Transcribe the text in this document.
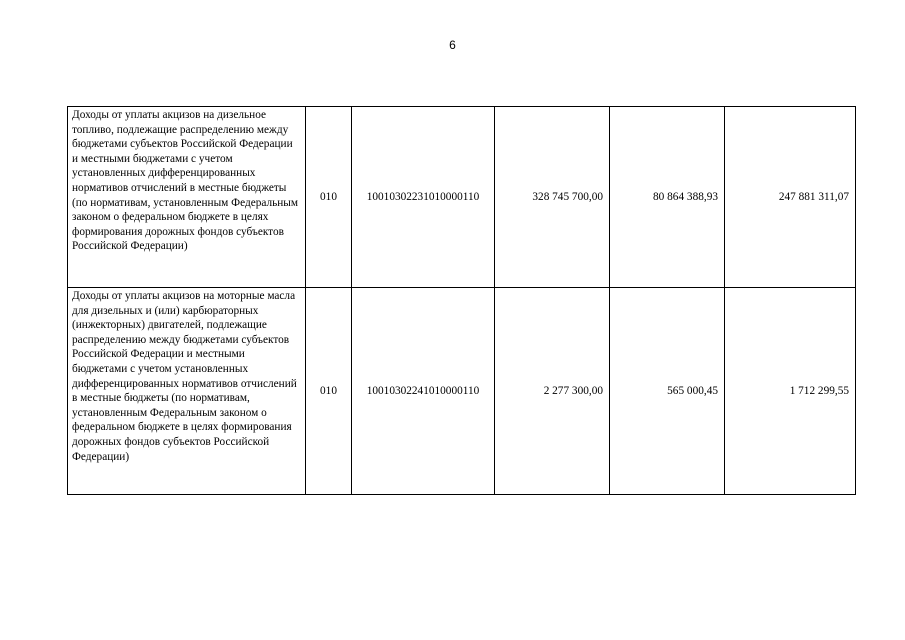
6
Доходы от уплаты акцизов на дизельное топливо, подлежащие распределению между бюджетами субъектов Российской Федерации и местными бюджетами с учетом установленных дифференцированных нормативов отчислений в местные бюджеты (по нормативам, установленным Федеральным законом о федеральном бюджете в целях формирования дорожных фондов субъектов Российской Федерации)	010	10010302231010000110	328 745 700,00	80 864 388,93	247 881 311,07
Доходы от уплаты акцизов на моторные масла для дизельных и (или) карбюраторных (инжекторных) двигателей, подлежащие распределению между бюджетами субъектов Российской Федерации и местными бюджетами с учетом установленных дифференцированных нормативов отчислений в местные бюджеты (по нормативам, установленным Федеральным законом о федеральном бюджете в целях формирования дорожных фондов субъектов Российской Федерации)	010	10010302241010000110	2 277 300,00	565 000,45	1 712 299,55
